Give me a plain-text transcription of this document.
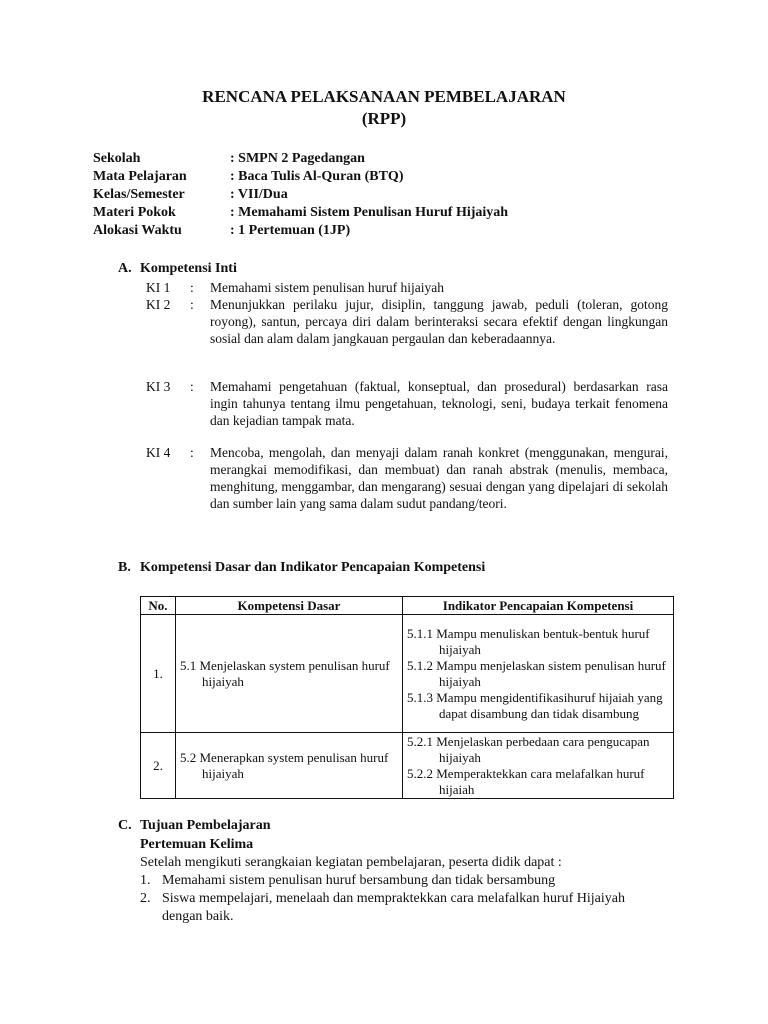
RENCANA PELAKSANAAN PEMBELAJARAN
(RPP)
Sekolah	: SMPN 2 Pagedangan
Mata Pelajaran	: Baca Tulis Al-Quran (BTQ)
Kelas/Semester	: VII/Dua
Materi Pokok	: Memahami Sistem Penulisan Huruf Hijaiyah
Alokasi Waktu	: 1 Pertemuan (1JP)
A. Kompetensi Inti
KI 1	: Memahami sistem penulisan huruf hijaiyah
KI 2	: Menunjukkan perilaku jujur, disiplin, tanggung jawab, peduli (toleran, gotong royong), santun, percaya diri dalam berinteraksi secara efektif dengan lingkungan sosial dan alam dalam jangkauan pergaulan dan keberadaannya.
KI 3	: Memahami pengetahuan (faktual, konseptual, dan prosedural) berdasarkan rasa ingin tahunya tentang ilmu pengetahuan, teknologi, seni, budaya terkait fenomena dan kejadian tampak mata.
KI 4	: Mencoba, mengolah, dan menyaji dalam ranah konkret (menggunakan, mengurai, merangkai memodifikasi, dan membuat) dan ranah abstrak (menulis, membaca, menghitung, menggambar, dan mengarang) sesuai dengan yang dipelajari di sekolah dan sumber lain yang sama dalam sudut pandang/teori.
B. Kompetensi Dasar dan Indikator Pencapaian Kompetensi
No.	Kompetensi Dasar	Indikator Pencapaian Kompetensi
1.	5.1 Menjelaskan system penulisan huruf hijaiyah	5.1.1 Mampu menuliskan bentuk-bentuk huruf hijaiyah
5.1.2 Mampu menjelaskan sistem penulisan huruf hijaiyah
5.1.3 Mampu mengidentifikasihuruf hijaiah yang dapat disambung dan tidak disambung

2.	5.2 Menerapkan system penulisan huruf hijaiyah	5.2.1 Menjelaskan perbedaan cara pengucapan hijaiyah
5.2.2 Memperaktekkan cara melafalkan huruf hijaiah
C. Tujuan Pembelajaran
Pertemuan Kelima
Setelah mengikuti serangkaian kegiatan pembelajaran, peserta didik dapat :
1. Memahami sistem penulisan huruf bersambung dan tidak bersambung
2. Siswa mempelajari, menelaah dan mempraktekkan cara melafalkan huruf Hijaiyah dengan baik.
